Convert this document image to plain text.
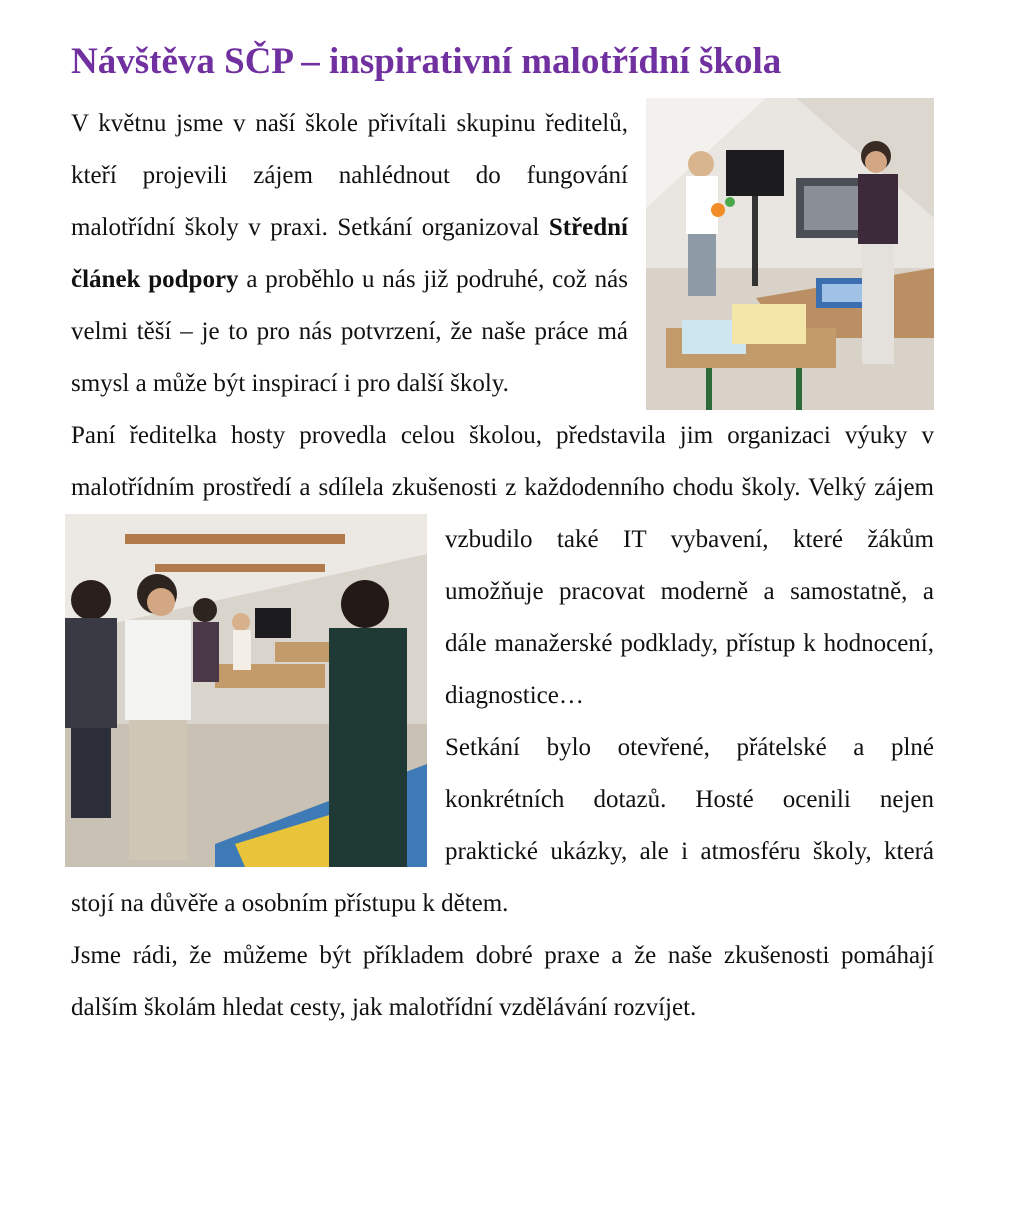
Návštěva SČP – inspirativní malotřídní škola

V květnu jsme v naší škole přivítali skupinu ředitelů, kteří projevili zájem nahlédnout do fungování malotřídní školy v praxi. Setkání organizoval Střední článek podpory a proběhlo u nás již podruhé, což nás velmi těší – je to pro nás potvrzení, že naše práce má smysl a může být inspirací i pro další školy.

Paní ředitelka hosty provedla celou školou, představila jim organizaci výuky v malotřídním prostředí a sdílela zkušenosti z každodenního chodu školy. Velký zájem vzbudilo také IT vybavení, které žákům
umožňuje pracovat moderně a samostatně, a dále manažerské podklady, přístup k hodnocení, diagnostice…

Setkání bylo otevřené, přátelské a plné konkrétních dotazů. Hosté ocenili nejen praktické ukázky, ale i atmosféru školy, která stojí na důvěře a osobním přístupu k dětem.

Jsme rádi, že můžeme být příkladem dobré praxe a že naše zkušenosti pomáhají dalším školám hledat cesty, jak malotřídní vzdělávání rozvíjet.
